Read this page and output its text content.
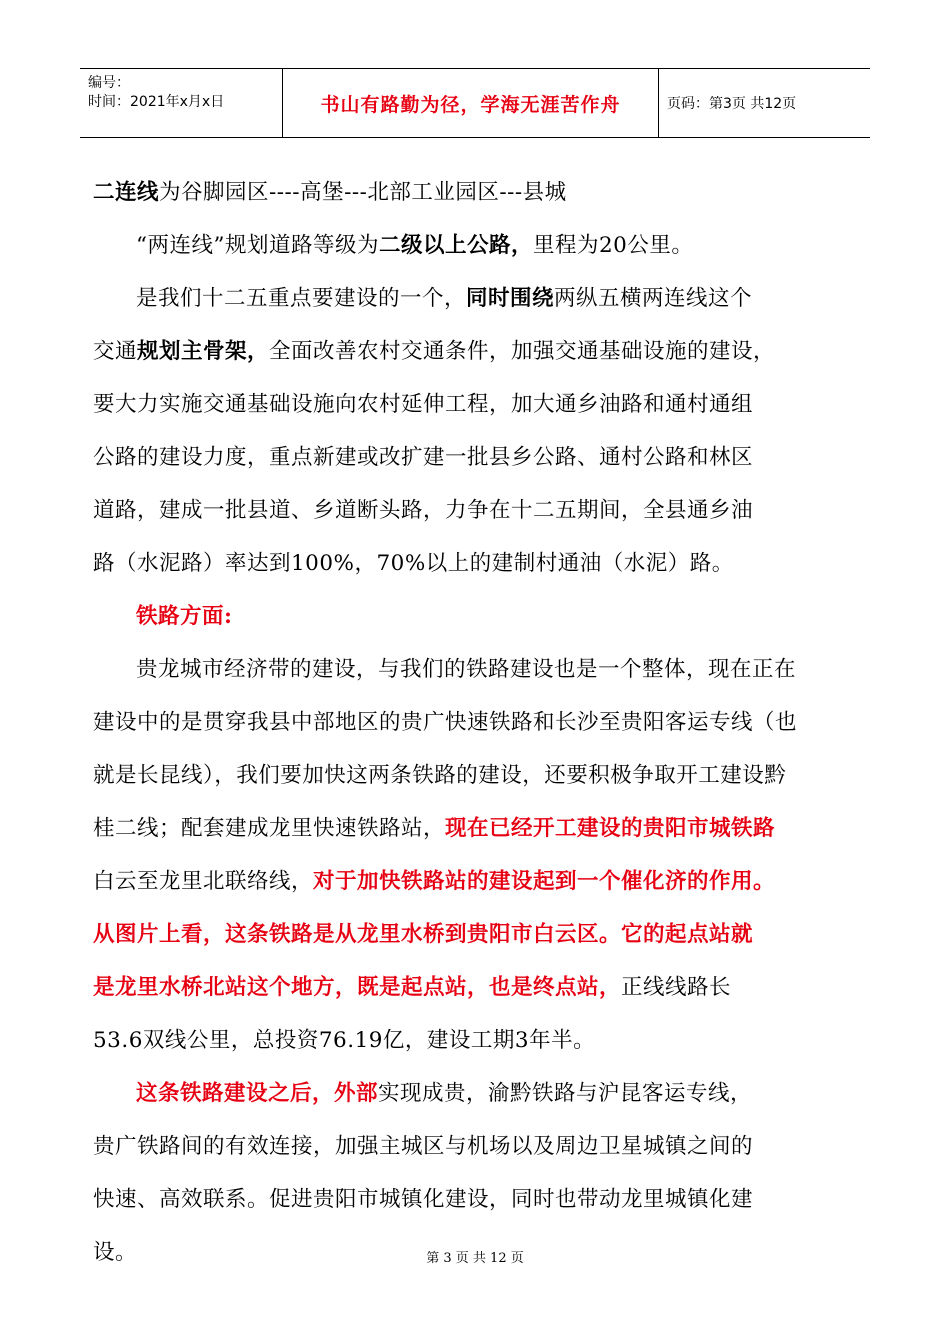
编号：
时间：2021年x月x日	书山有路勤为径，学海无涯苦作舟	页码：第3页 共12页

二连线为谷脚园区----高堡---北部工业园区---县城

“两连线”规划道路等级为二级以上公路，里程为20公里。

是我们十二五重点要建设的一个，同时围绕两纵五横两连线这个

交通规划主骨架，全面改善农村交通条件，加强交通基础设施的建设，

要大力实施交通基础设施向农村延伸工程，加大通乡油路和通村通组

公路的建设力度，重点新建或改扩建一批县乡公路、通村公路和林区

道路，建成一批县道、乡道断头路，力争在十二五期间，全县通乡油

路（水泥路）率达到100%，70%以上的建制村通油（水泥）路。

铁路方面:

贵龙城市经济带的建设，与我们的铁路建设也是一个整体，现在正在

建设中的是贯穿我县中部地区的贵广快速铁路和长沙至贵阳客运专线（也

就是长昆线），我们要加快这两条铁路的建设，还要积极争取开工建设黔

桂二线；配套建成龙里快速铁路站，现在已经开工建设的贵阳市城铁路

白云至龙里北联络线，对于加快铁路站的建设起到一个催化济的作用。

从图片上看，这条铁路是从龙里水桥到贵阳市白云区。它的起点站就

是龙里水桥北站这个地方，既是起点站，也是终点站，正线线路长

53.6双线公里，总投资76.19亿，建设工期3年半。

这条铁路建设之后，外部实现成贵，渝黔铁路与沪昆客运专线，

贵广铁路间的有效连接，加强主城区与机场以及周边卫星城镇之间的

快速、高效联系。促进贵阳市城镇化建设，同时也带动龙里城镇化建

设。	第 3 页 共 12 页
